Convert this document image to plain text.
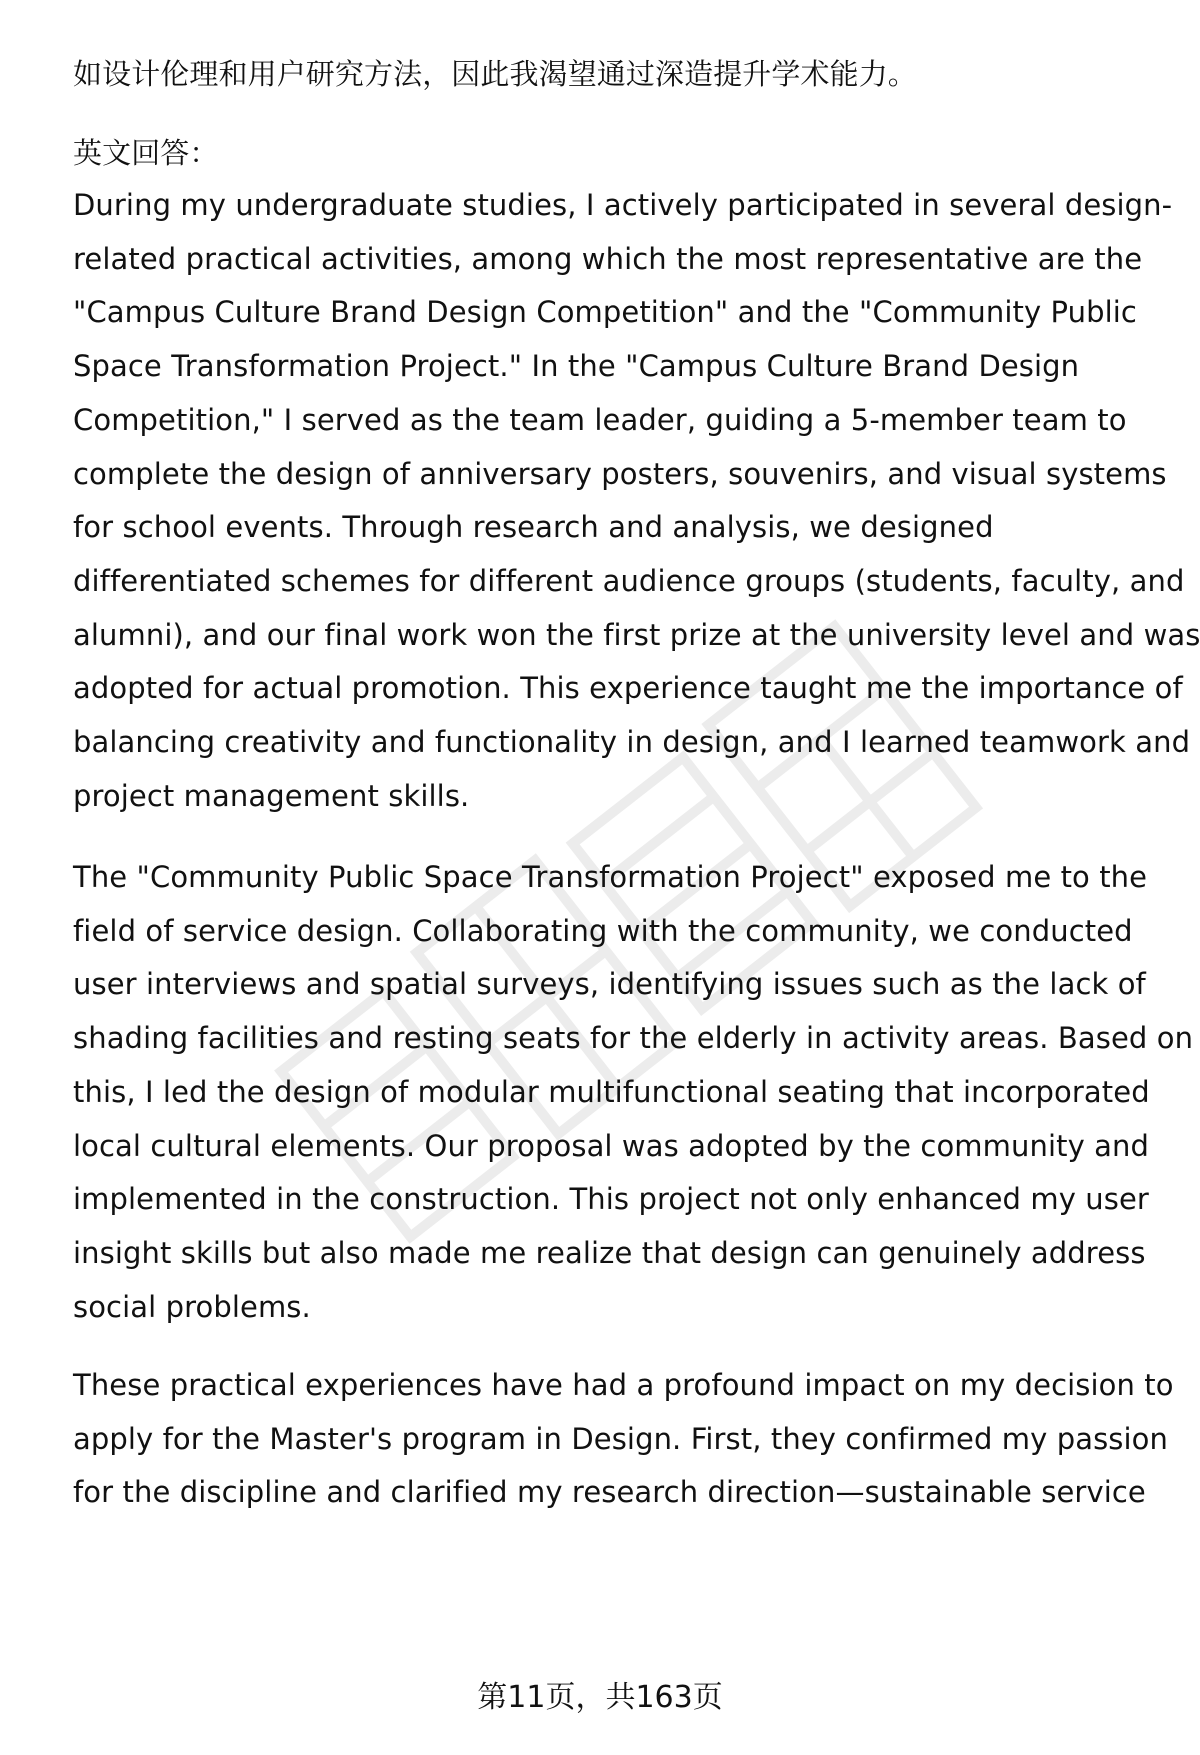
如设计伦理和用户研究方法，因此我渴望通过深造提升学术能力。
英文回答：
During my undergraduate studies, I actively participated in several design-
related practical activities, among which the most representative are the
"Campus Culture Brand Design Competition" and the "Community Public
Space Transformation Project." In the "Campus Culture Brand Design
Competition," I served as the team leader, guiding a 5-member team to
complete the design of anniversary posters, souvenirs, and visual systems
for school events. Through research and analysis, we designed
differentiated schemes for different audience groups (students, faculty, and
alumni), and our final work won the first prize at the university level and was
adopted for actual promotion. This experience taught me the importance of
balancing creativity and functionality in design, and I learned teamwork and
project management skills.
The "Community Public Space Transformation Project" exposed me to the
field of service design. Collaborating with the community, we conducted
user interviews and spatial surveys, identifying issues such as the lack of
shading facilities and resting seats for the elderly in activity areas. Based on
this, I led the design of modular multifunctional seating that incorporated
local cultural elements. Our proposal was adopted by the community and
implemented in the construction. This project not only enhanced my user
insight skills but also made me realize that design can genuinely address
social problems.
These practical experiences have had a profound impact on my decision to
apply for the Master's program in Design. First, they confirmed my passion
for the discipline and clarified my research direction—sustainable service
第11页，共163页
